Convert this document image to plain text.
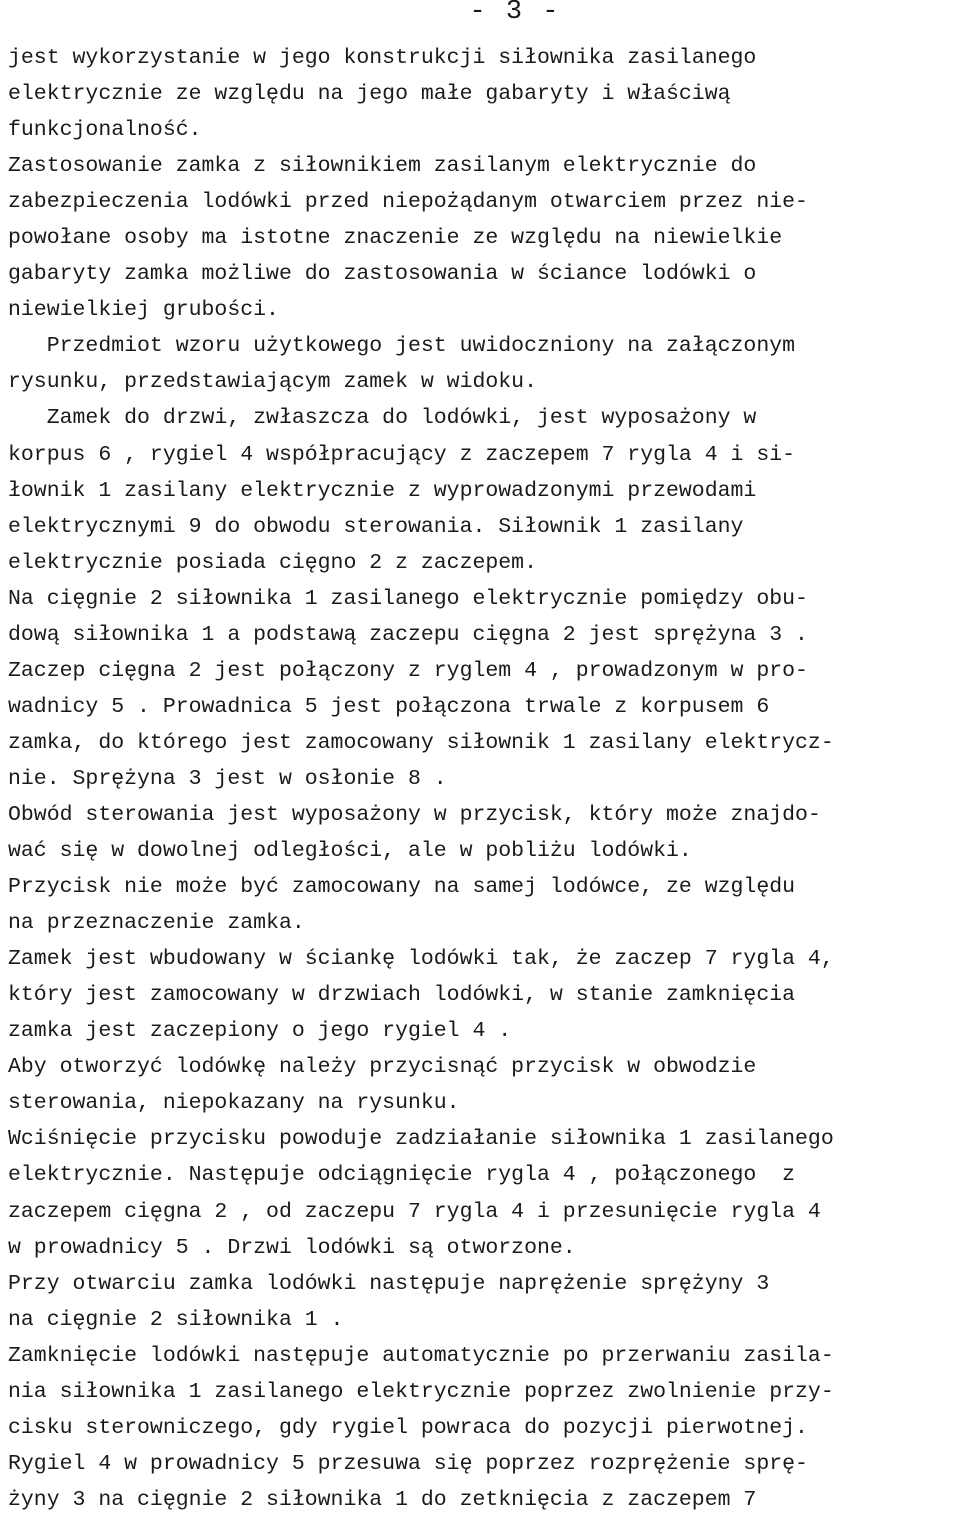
- 3 -
jest wykorzystanie w jego konstrukcji siłownika zasilanego
elektrycznie ze względu na jego małe gabaryty i właściwą
funkcjonalność.
Zastosowanie zamka z siłownikiem zasilanym elektrycznie do
zabezpieczenia lodówki przed niepożądanym otwarciem przez nie-
powołane osoby ma istotne znaczenie ze względu na niewielkie
gabaryty zamka możliwe do zastosowania w ściance lodówki o
niewielkiej grubości.
Przedmiot wzoru użytkowego jest uwidoczniony na załączonym
rysunku, przedstawiającym zamek w widoku.
Zamek do drzwi, zwłaszcza do lodówki, jest wyposażony w
korpus 6 , rygiel 4 współpracujący z zaczepem 7 rygla 4 i si-
łownik 1 zasilany elektrycznie z wyprowadzonymi przewodami
elektrycznymi 9 do obwodu sterowania. Siłownik 1 zasilany
elektrycznie posiada cięgno 2 z zaczepem.
Na cięgnie 2 siłownika 1 zasilanego elektrycznie pomiędzy obu-
dową siłownika 1 a podstawą zaczepu cięgna 2 jest sprężyna 3 .
Zaczep cięgna 2 jest połączony z ryglem 4 , prowadzonym w pro-
wadnicy 5 . Prowadnica 5 jest połączona trwale z korpusem 6
zamka, do którego jest zamocowany siłownik 1 zasilany elektrycz-
nie. Sprężyna 3 jest w osłonie 8 .
Obwód sterowania jest wyposażony w przycisk, który może znajdo-
wać się w dowolnej odległości, ale w pobliżu lodówki.
Przycisk nie może być zamocowany na samej lodówce, ze względu
na przeznaczenie zamka.
Zamek jest wbudowany w ściankę lodówki tak, że zaczep 7 rygla 4,
który jest zamocowany w drzwiach lodówki, w stanie zamknięcia
zamka jest zaczepiony o jego rygiel 4 .
Aby otworzyć lodówkę należy przycisnąć przycisk w obwodzie
sterowania, niepokazany na rysunku.
Wciśnięcie przycisku powoduje zadziałanie siłownika 1 zasilanego
elektrycznie. Następuje odciągnięcie rygla 4 , połączonego  z
zaczepem cięgna 2 , od zaczepu 7 rygla 4 i przesunięcie rygla 4
w prowadnicy 5 . Drzwi lodówki są otworzone.
Przy otwarciu zamka lodówki następuje naprężenie sprężyny 3
na cięgnie 2 siłownika 1 .
Zamknięcie lodówki następuje automatycznie po przerwaniu zasila-
nia siłownika 1 zasilanego elektrycznie poprzez zwolnienie przy-
cisku sterowniczego, gdy rygiel powraca do pozycji pierwotnej.
Rygiel 4 w prowadnicy 5 przesuwa się poprzez rozprężenie sprę-
żyny 3 na cięgnie 2 siłownika 1 do zetknięcia z zaczepem 7
